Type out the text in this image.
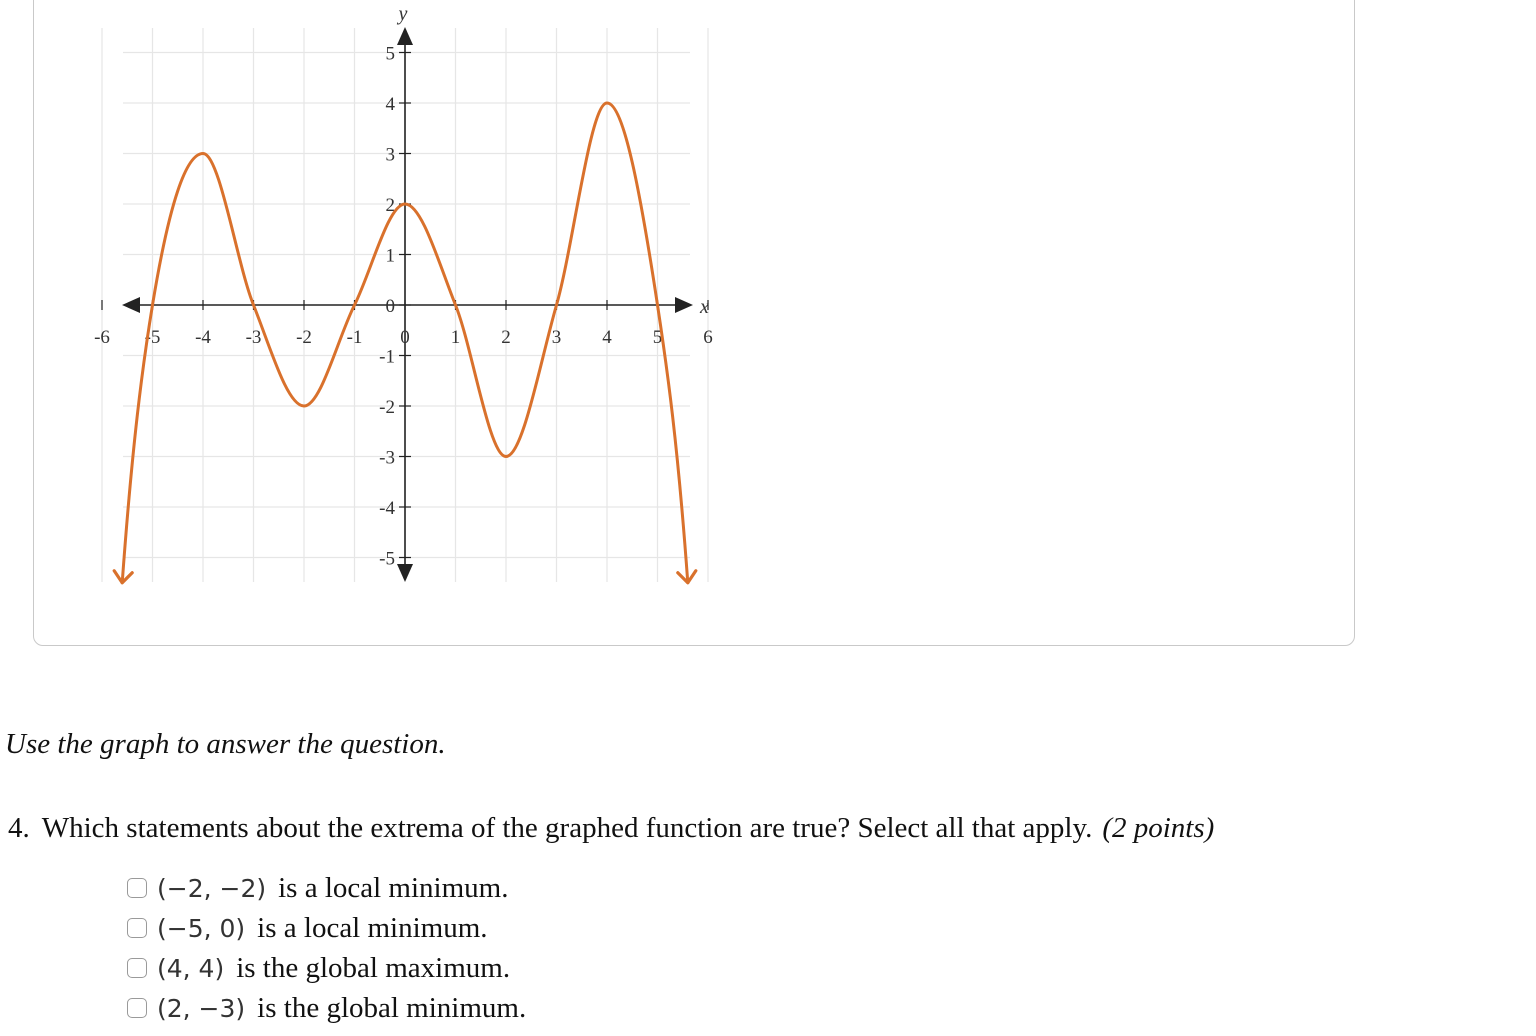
-6 -5 -4 -3 -2 -1 0 1 2 3 4 5 6
5
4
3
2
1
0
-1
-2
-3
-4
-5
x
y
Use the graph to answer the question.
4. Which statements about the extrema of the graphed function are true? Select all that apply. (2 points)
(−2, −2) is a local minimum.
(−5, 0) is a local minimum.
(4, 4) is the global maximum.
(2, −3) is the global minimum.
